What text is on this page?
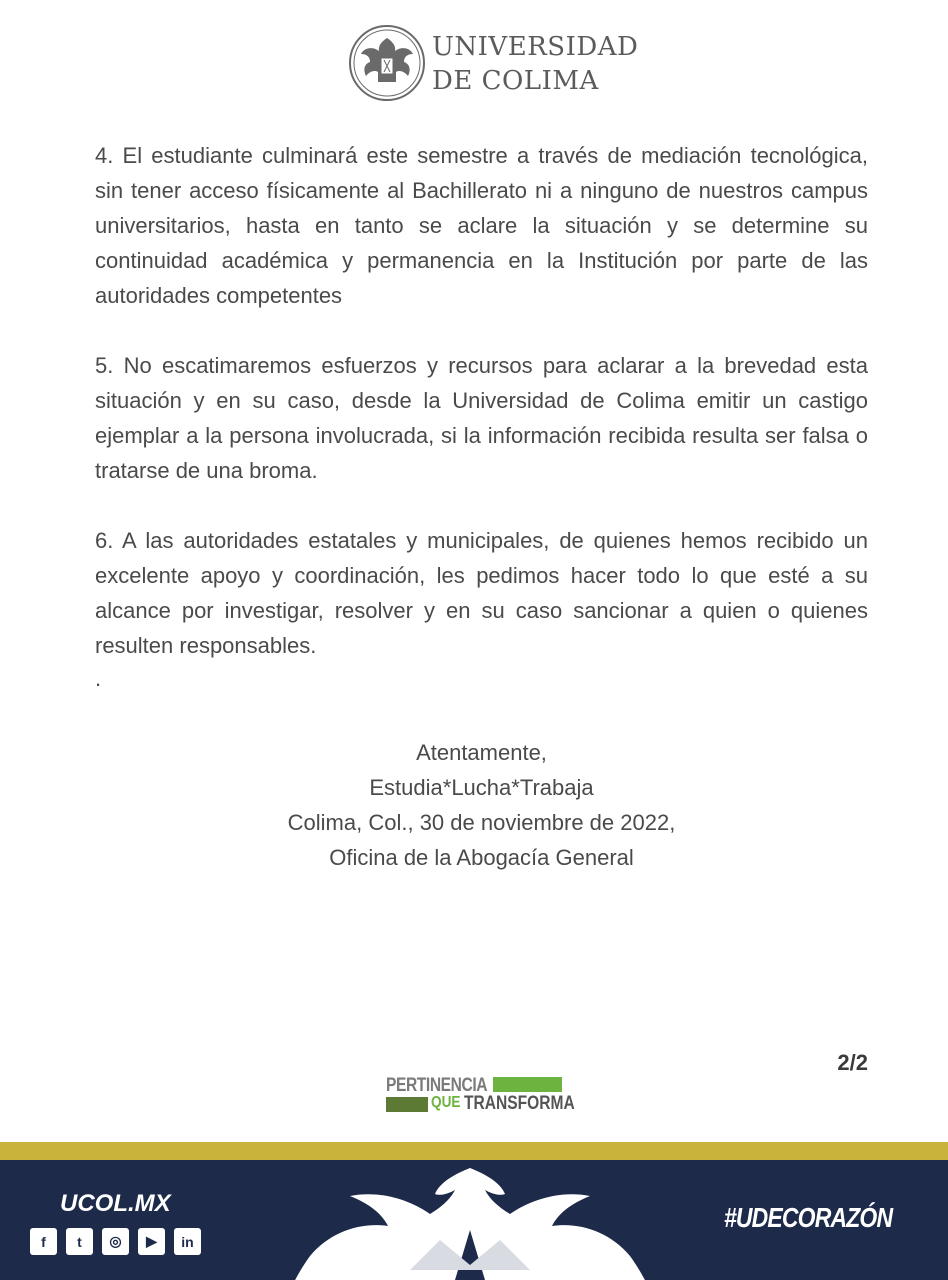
UNIVERSIDAD
DE COLIMA

4. El estudiante culminará este semestre a través de mediación tecnológica, sin tener acceso físicamente al Bachillerato ni a ninguno de nuestros campus universitarios, hasta en tanto se aclare la situación y se determine su continuidad académica y permanencia en la Institución por parte de las autoridades competentes

5. No escatimaremos esfuerzos y recursos para aclarar a la brevedad esta situación y en su caso, desde la Universidad de Colima emitir un castigo ejemplar a la persona involucrada, si la información recibida resulta ser falsa o tratarse de una broma.

6. A las autoridades estatales y municipales, de quienes hemos recibido un excelente apoyo y coordinación, les pedimos hacer todo lo que esté a su alcance por investigar, resolver y en su caso sancionar a quien o quienes resulten responsables.

.

Atentamente,
Estudia*Lucha*Trabaja
Colima, Col., 30 de noviembre de 2022,
Oficina de la Abogacía General
2/2
PERTINENCIA
QUE TRANSFORMA
UCOL.MX
f	t	◎	▶	in
#UDECORAZÓN
